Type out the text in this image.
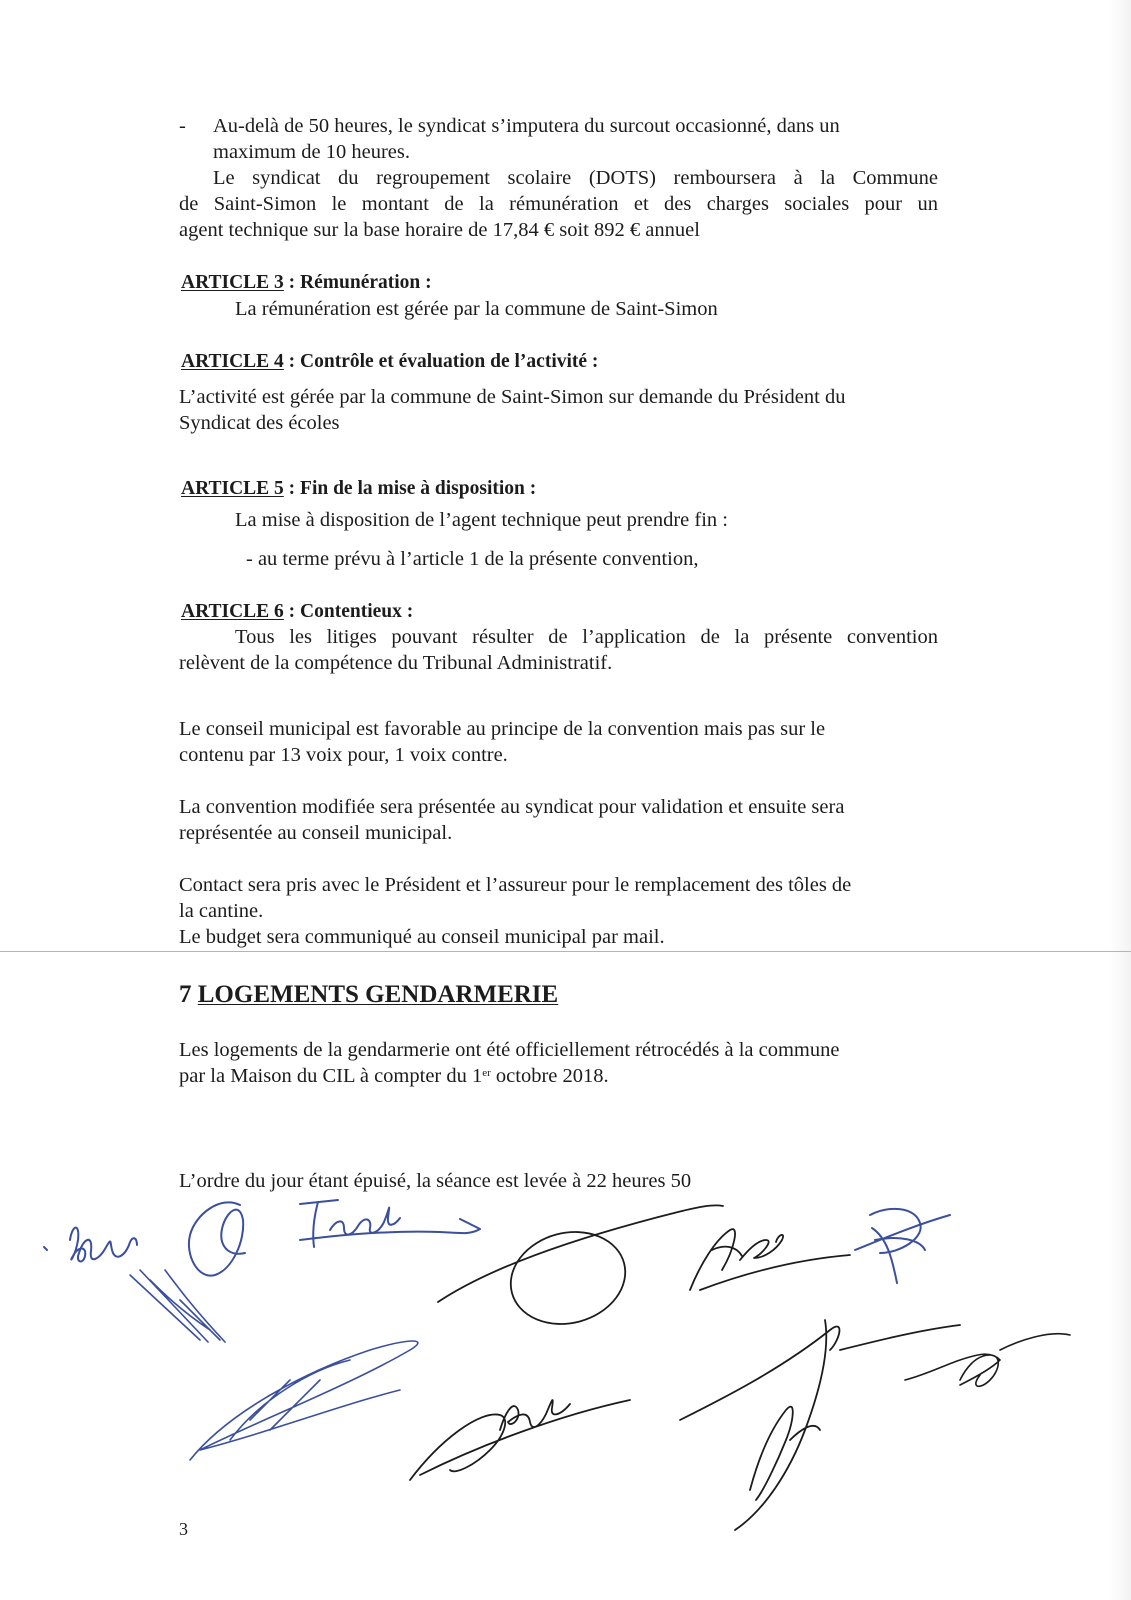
- Au-delà de 50 heures, le syndicat s’imputera du surcout occasionné, dans un

maximum de 10 heures.

Le syndicat du regroupement scolaire (DOTS) remboursera à la Commune

de Saint-Simon le montant de la rémunération et des charges sociales pour un

agent technique sur la base horaire de 17,84 € soit 892 € annuel

ARTICLE 3 : Rémunération :

La rémunération est gérée par la commune de Saint-Simon

ARTICLE 4 : Contrôle et évaluation de l’activité :

L’activité est gérée par la commune de Saint-Simon sur demande du Président du

Syndicat des écoles

ARTICLE 5 : Fin de la mise à disposition :

La mise à disposition de l’agent technique peut prendre fin :

- au terme prévu à l’article 1 de la présente convention,

ARTICLE 6 : Contentieux :

Tous les litiges pouvant résulter de l’application de la présente convention

relèvent de la compétence du Tribunal Administratif.

Le conseil municipal est favorable au principe de la convention mais pas sur le

contenu par 13 voix pour, 1 voix contre.

La convention modifiée sera présentée au syndicat pour validation et ensuite sera

représentée au conseil municipal.

Contact sera pris avec le Président et l’assureur pour le remplacement des tôles de

la cantine.

Le budget sera communiqué au conseil municipal par mail.

7 LOGEMENTS GENDARMERIE

Les logements de la gendarmerie ont été officiellement rétrocédés à la commune

par la Maison du CIL à compter du 1er octobre 2018.

L’ordre du jour étant épuisé, la séance est levée à 22 heures 50

3
